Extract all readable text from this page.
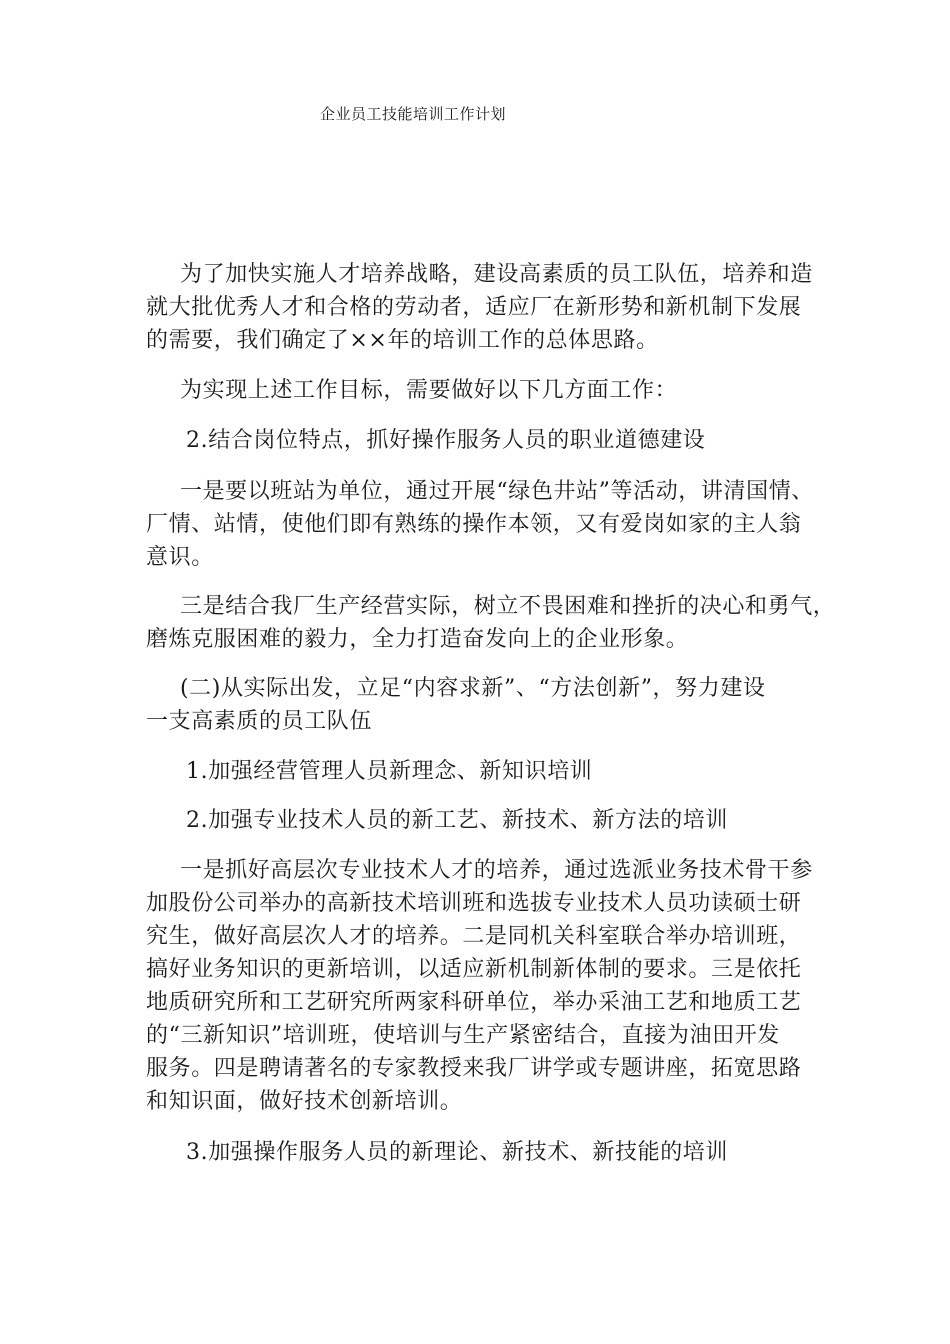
企业员工技能培训工作计划
为了加快实施人才培养战略，建设高素质的员工队伍，培养和造
就大批优秀人才和合格的劳动者，适应厂在新形势和新机制下发展
的需要，我们确定了××年的培训工作的总体思路。
为实现上述工作目标，需要做好以下几方面工作：
2.结合岗位特点，抓好操作服务人员的职业道德建设
一是要以班站为单位，通过开展“绿色井站”等活动，讲清国情、
厂情、站情，使他们即有熟练的操作本领，又有爱岗如家的主人翁
意识。
三是结合我厂生产经营实际，树立不畏困难和挫折的决心和勇气，
磨炼克服困难的毅力，全力打造奋发向上的企业形象。
(二)从实际出发，立足“内容求新”、“方法创新”，努力建设
一支高素质的员工队伍
1.加强经营管理人员新理念、新知识培训
2.加强专业技术人员的新工艺、新技术、新方法的培训
一是抓好高层次专业技术人才的培养，通过选派业务技术骨干参
加股份公司举办的高新技术培训班和选拔专业技术人员功读硕士研
究生，做好高层次人才的培养。二是同机关科室联合举办培训班，
搞好业务知识的更新培训，以适应新机制新体制的要求。三是依托
地质研究所和工艺研究所两家科研单位，举办采油工艺和地质工艺
的“三新知识”培训班，使培训与生产紧密结合，直接为油田开发
服务。四是聘请著名的专家教授来我厂讲学或专题讲座，拓宽思路
和知识面，做好技术创新培训。
3.加强操作服务人员的新理论、新技术、新技能的培训
